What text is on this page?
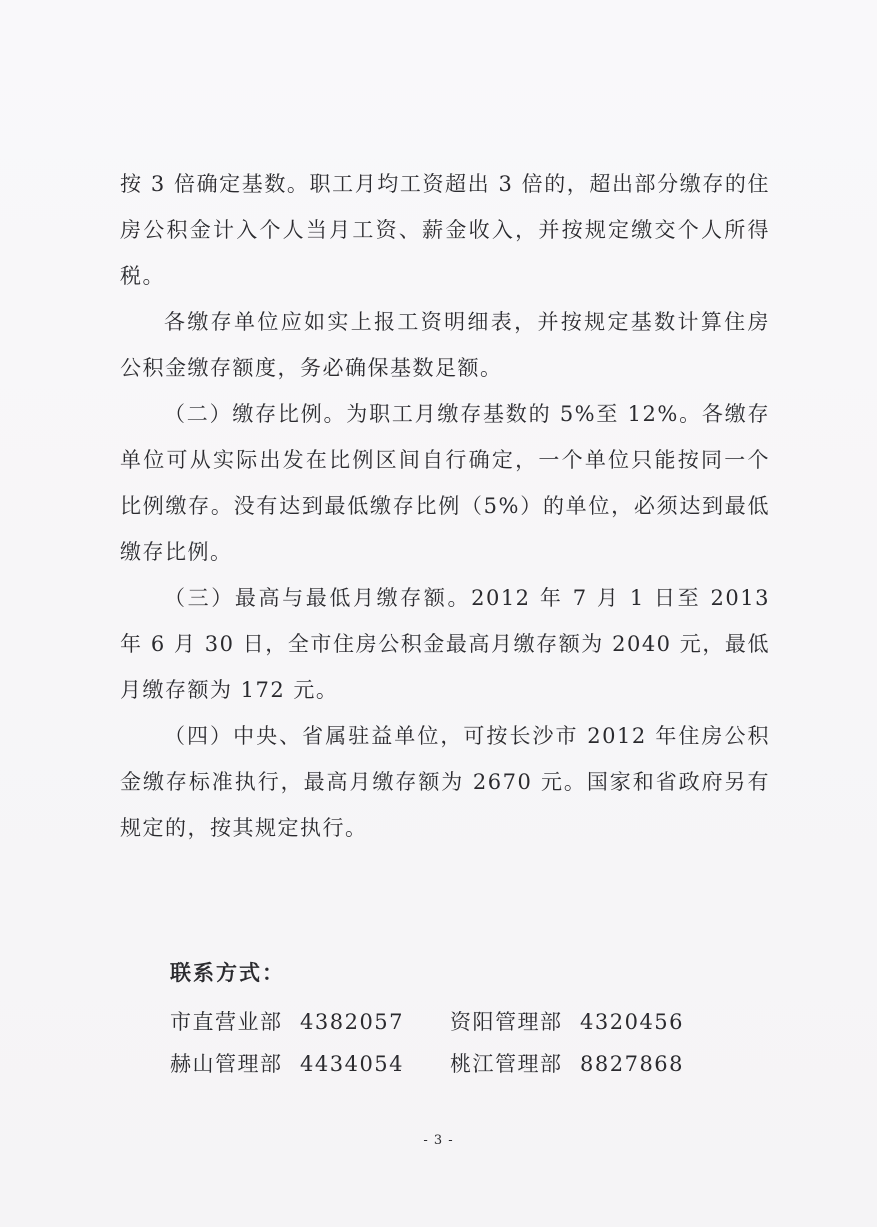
按 3 倍确定基数。职工月均工资超出 3 倍的，超出部分缴存的住房公积金计入个人当月工资、薪金收入，并按规定缴交个人所得税。

各缴存单位应如实上报工资明细表，并按规定基数计算住房公积金缴存额度，务必确保基数足额。

（二）缴存比例。为职工月缴存基数的 5%至 12%。各缴存单位可从实际出发在比例区间自行确定，一个单位只能按同一个比例缴存。没有达到最低缴存比例（5%）的单位，必须达到最低缴存比例。

（三）最高与最低月缴存额。2012 年 7 月 1 日至 2013 年 6 月 30 日，全市住房公积金最高月缴存额为 2040 元，最低月缴存额为 172 元。

（四）中央、省属驻益单位，可按长沙市 2012 年住房公积金缴存标准执行，最高月缴存额为 2670 元。国家和省政府另有规定的，按其规定执行。

联系方式：
市直营业部 4382057 资阳管理部 4320456
赫山管理部 4434054 桃江管理部 8827868
- 3 -
